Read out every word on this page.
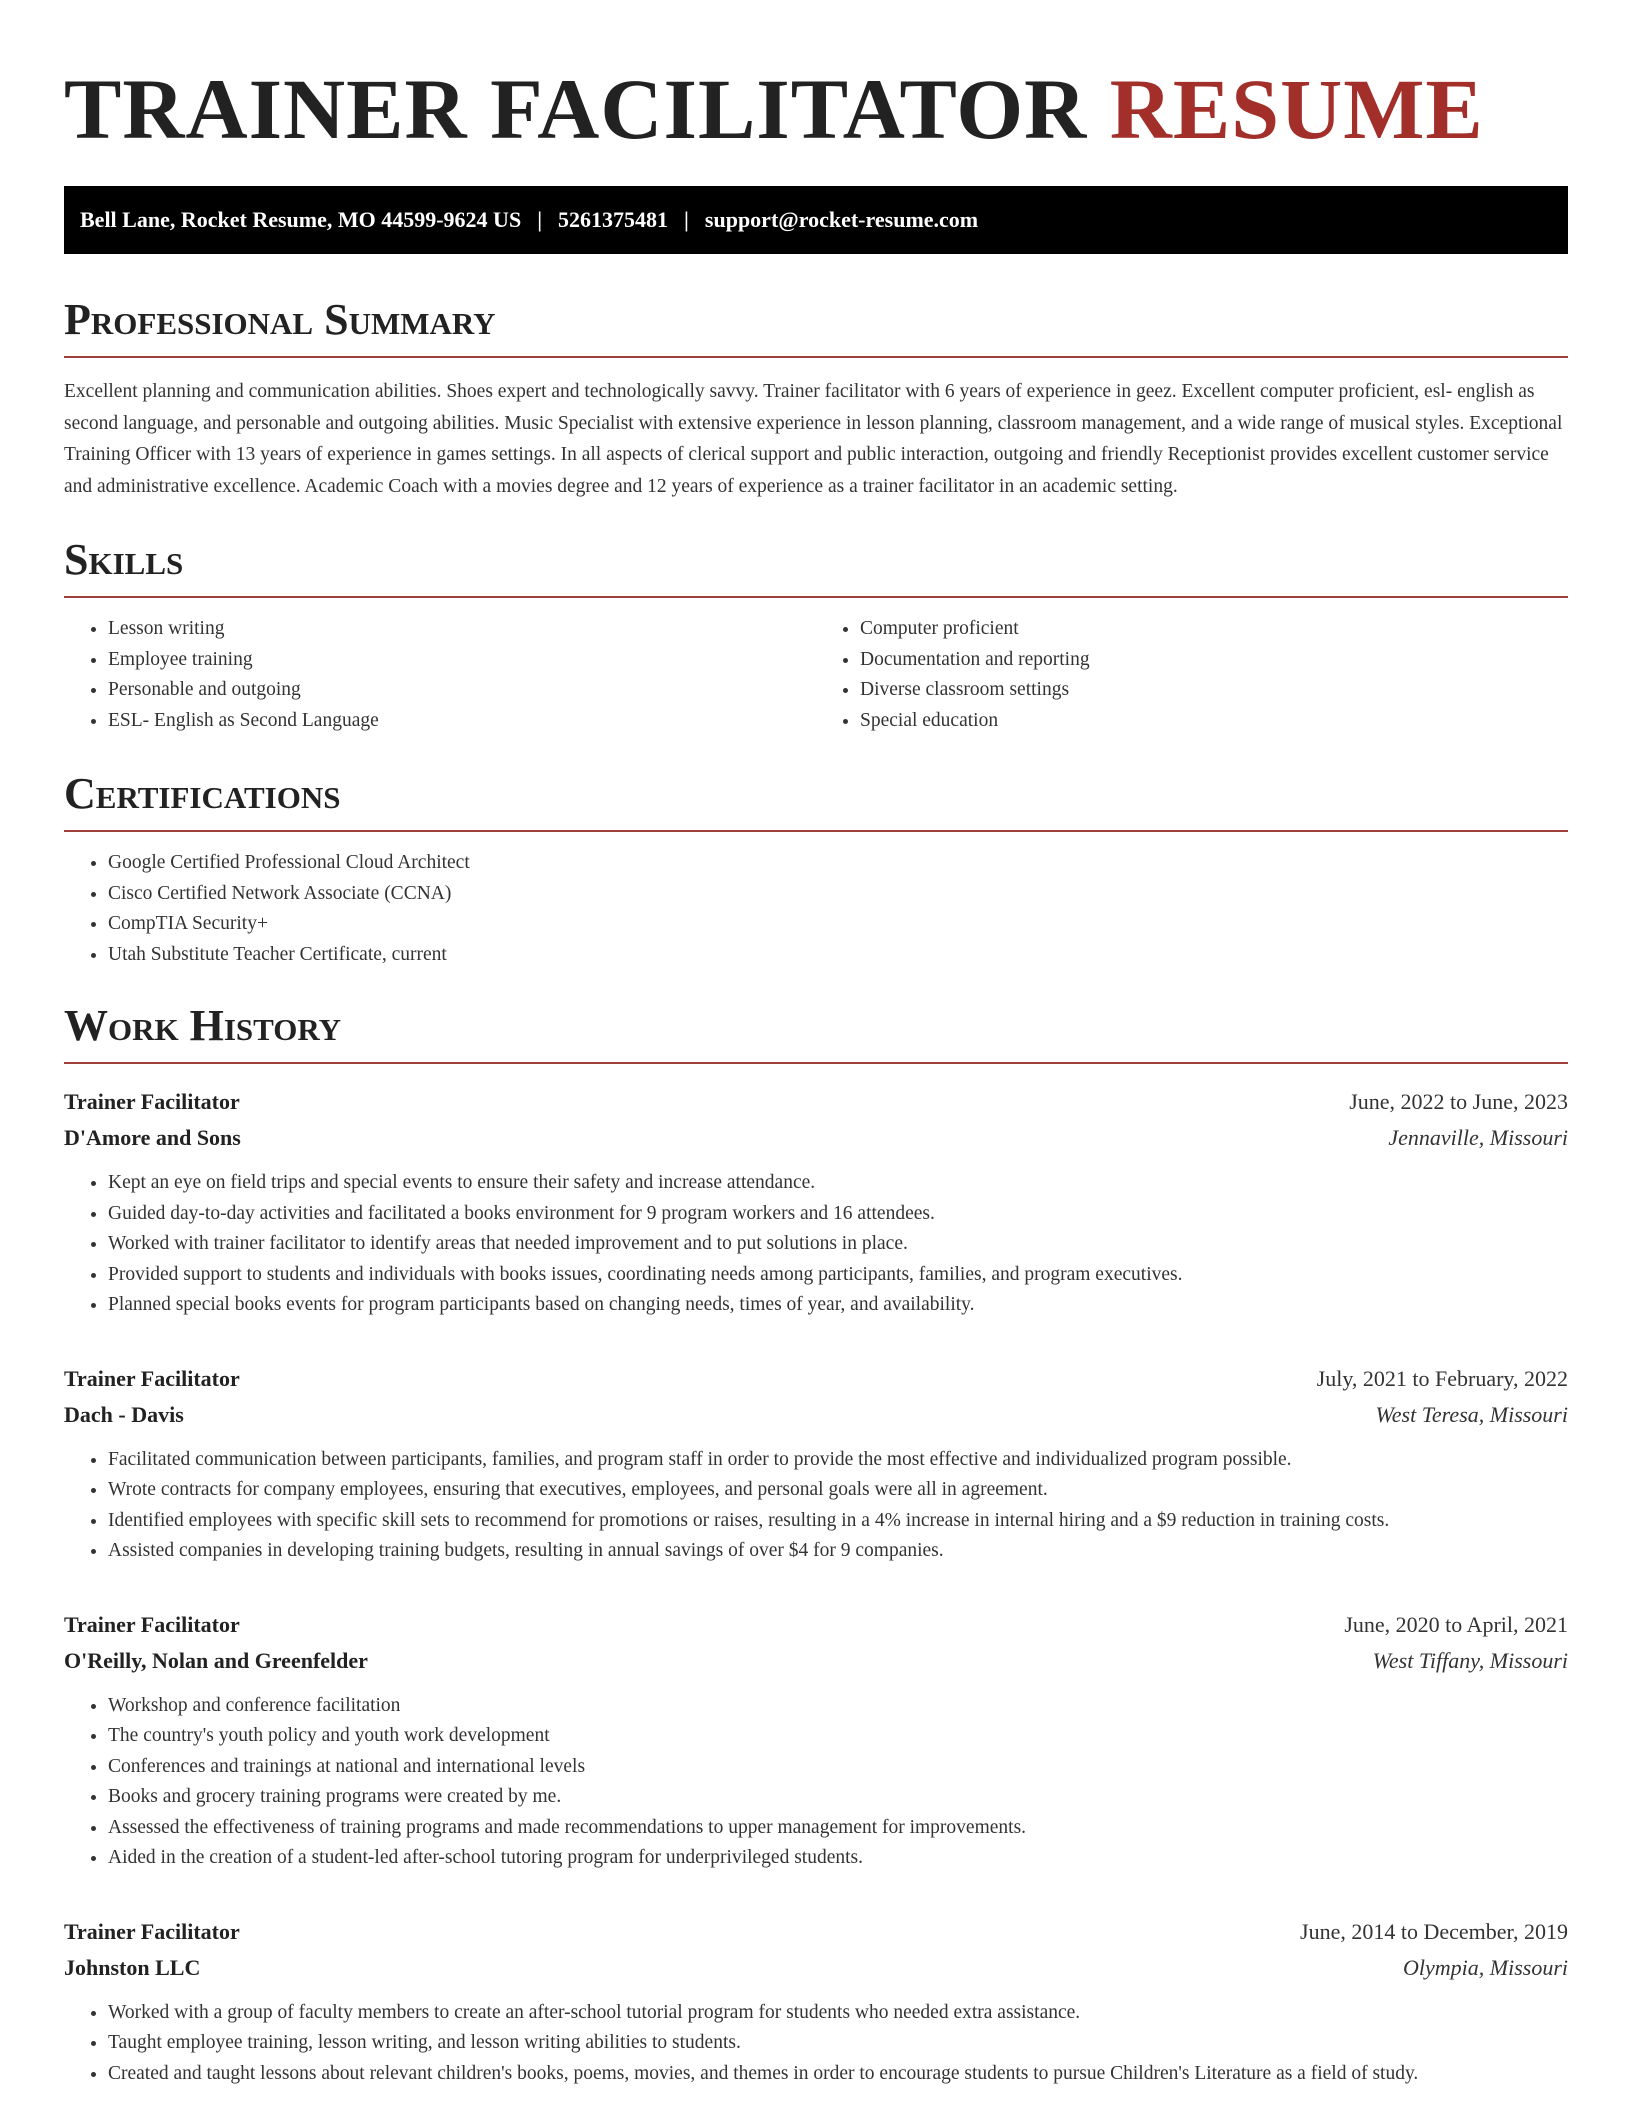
TRAINER FACILITATOR RESUME
Bell Lane, Rocket Resume, MO 44599-9624 US | 5261375481 | support@rocket-resume.com
Professional Summary

Excellent planning and communication abilities. Shoes expert and technologically savvy. Trainer facilitator with 6 years of experience in geez. Excellent computer proficient, esl- english as second language, and personable and outgoing abilities. Music Specialist with extensive experience in lesson planning, classroom management, and a wide range of musical styles. Exceptional Training Officer with 13 years of experience in games settings. In all aspects of clerical support and public interaction, outgoing and friendly Receptionist provides excellent customer service and administrative excellence. Academic Coach with a movies degree and 12 years of experience as a trainer facilitator in an academic setting.

Skills
• Lesson writing
• Employee training
• Personable and outgoing
• ESL- English as Second Language
• Computer proficient
• Documentation and reporting
• Diverse classroom settings
• Special education
Certifications
• Google Certified Professional Cloud Architect
• Cisco Certified Network Associate (CCNA)
• CompTIA Security+
• Utah Substitute Teacher Certificate, current
Work History
Trainer Facilitator	June, 2022 to June, 2023
D'Amore and Sons	Jennaville, Missouri
• Kept an eye on field trips and special events to ensure their safety and increase attendance.
• Guided day-to-day activities and facilitated a books environment for 9 program workers and 16 attendees.
• Worked with trainer facilitator to identify areas that needed improvement and to put solutions in place.
• Provided support to students and individuals with books issues, coordinating needs among participants, families, and program executives.
• Planned special books events for program participants based on changing needs, times of year, and availability.
Trainer Facilitator	July, 2021 to February, 2022
Dach - Davis	West Teresa, Missouri
• Facilitated communication between participants, families, and program staff in order to provide the most effective and individualized program possible.
• Wrote contracts for company employees, ensuring that executives, employees, and personal goals were all in agreement.
• Identified employees with specific skill sets to recommend for promotions or raises, resulting in a 4% increase in internal hiring and a $9 reduction in training costs.
• Assisted companies in developing training budgets, resulting in annual savings of over $4 for 9 companies.
Trainer Facilitator	June, 2020 to April, 2021
O'Reilly, Nolan and Greenfelder	West Tiffany, Missouri
• Workshop and conference facilitation
• The country's youth policy and youth work development
• Conferences and trainings at national and international levels
• Books and grocery training programs were created by me.
• Assessed the effectiveness of training programs and made recommendations to upper management for improvements.
• Aided in the creation of a student-led after-school tutoring program for underprivileged students.
Trainer Facilitator	June, 2014 to December, 2019
Johnston LLC	Olympia, Missouri
• Worked with a group of faculty members to create an after-school tutorial program for students who needed extra assistance.
• Taught employee training, lesson writing, and lesson writing abilities to students.
• Created and taught lessons about relevant children's books, poems, movies, and themes in order to encourage students to pursue Children's Literature as a field of study.
